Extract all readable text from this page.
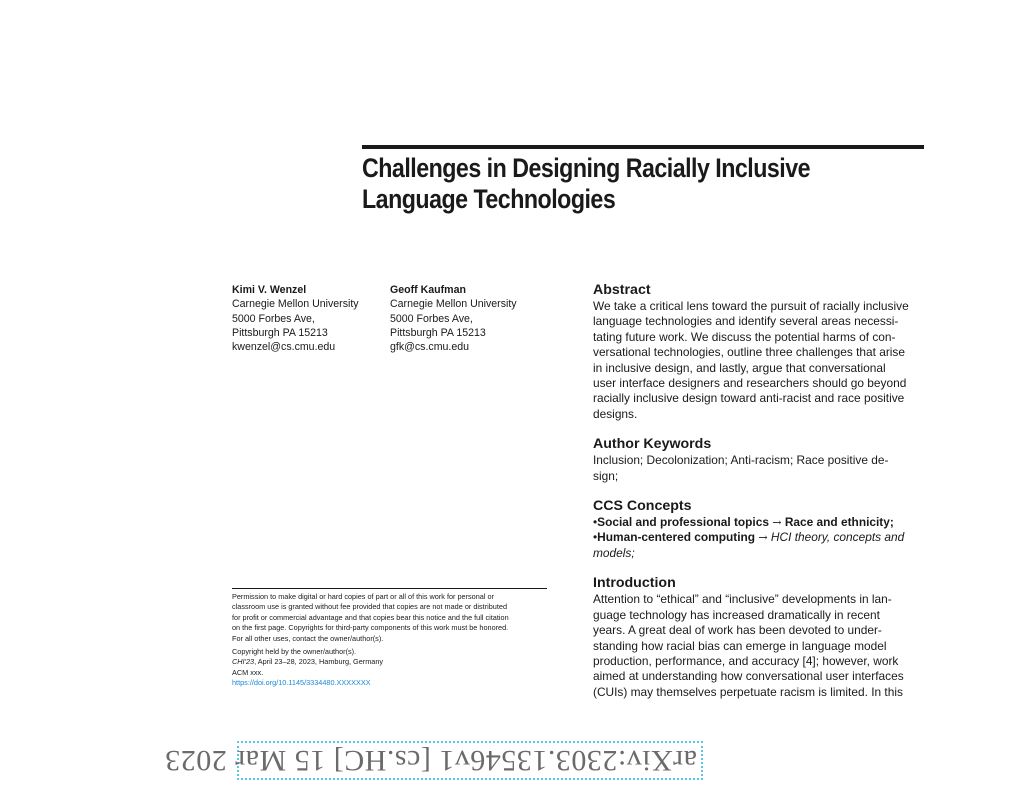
Challenges in Designing Racially Inclusive
Language Technologies
Kimi V. Wenzel
Carnegie Mellon University
5000 Forbes Ave,
Pittsburgh PA 15213
kwenzel@cs.cmu.edu
Geoff Kaufman
Carnegie Mellon University
5000 Forbes Ave,
Pittsburgh PA 15213
gfk@cs.cmu.edu
Abstract
We take a critical lens toward the pursuit of racially inclusive
language technologies and identify several areas necessi-
tating future work. We discuss the potential harms of con-
versational technologies, outline three challenges that arise
in inclusive design, and lastly, argue that conversational
user interface designers and researchers should go beyond
racially inclusive design toward anti-racist and race positive
designs.
Author Keywords
Inclusion; Decolonization; Anti-racism; Race positive de-
sign;
CCS Concepts
•Social and professional topics → Race and ethnicity;
•Human-centered computing → HCI theory, concepts and
models;
Introduction
Attention to “ethical” and “inclusive” developments in lan-
guage technology has increased dramatically in recent
years. A great deal of work has been devoted to under-
standing how racial bias can emerge in language model
production, performance, and accuracy [4]; however, work
aimed at understanding how conversational user interfaces
(CUIs) may themselves perpetuate racism is limited. In this
Permission to make digital or hard copies of part or all of this work for personal or
classroom use is granted without fee provided that copies are not made or distributed
for profit or commercial advantage and that copies bear this notice and the full citation
on the first page. Copyrights for third-party components of this work must be honored.
For all other uses, contact the owner/author(s).
Copyright held by the owner/author(s).
CHI'23, April 23–28, 2023, Hamburg, Germany
ACM xxx.
https://doi.org/10.1145/3334480.XXXXXXX
arXiv:2303.13546v1 [cs.HC] 15 Mar 2023
